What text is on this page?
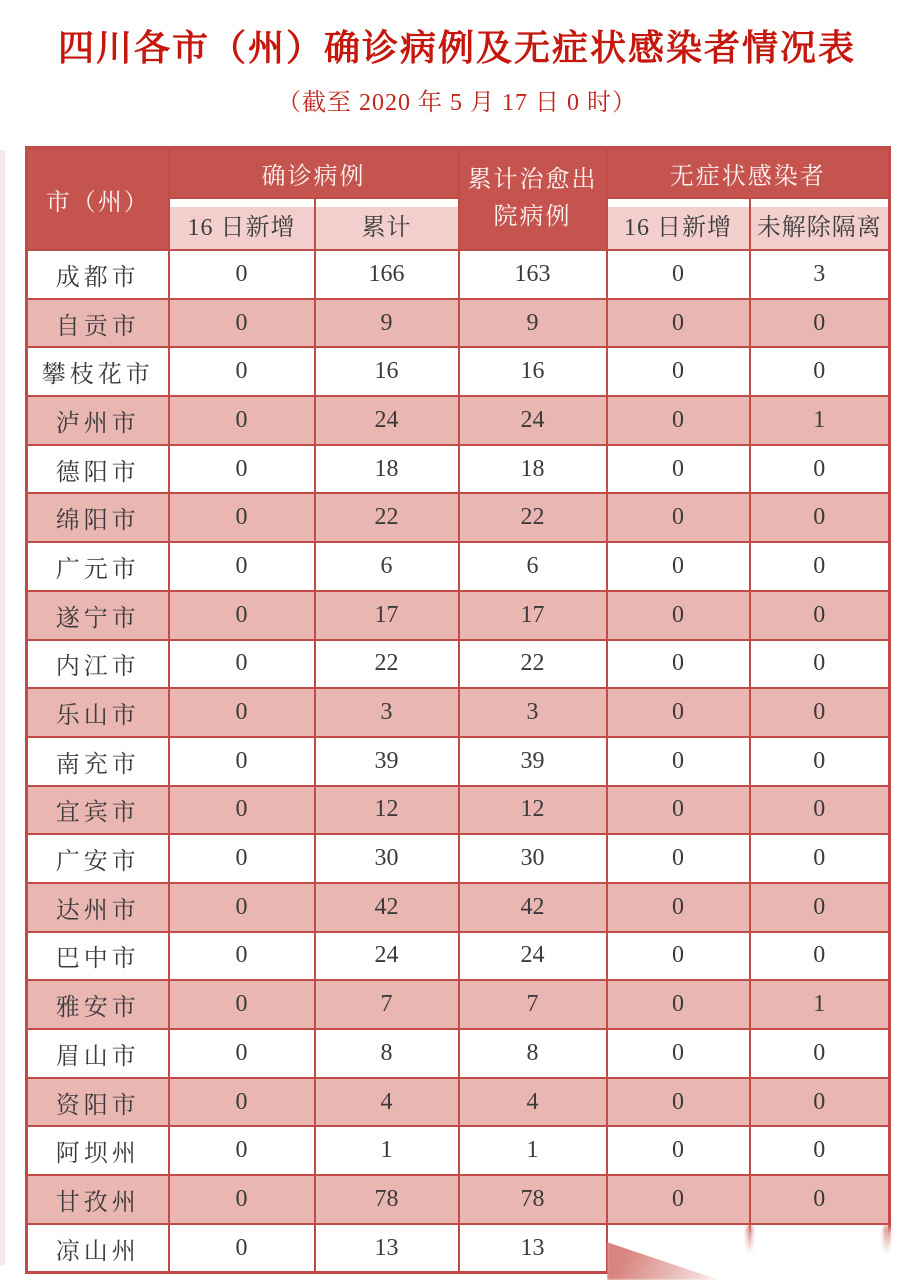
四川各市（州）确诊病例及无症状感染者情况表
（截至 2020 年 5 月 17 日 0 时）
市（州）	确诊病例		累计治愈出院病例	无症状感染者	
	16 日新增	累计		16 日新增	未解除隔离
成都市	0	166	163	0	3
自贡市	0	9	9	0	0
攀枝花市	0	16	16	0	0
泸州市	0	24	24	0	1
德阳市	0	18	18	0	0
绵阳市	0	22	22	0	0
广元市	0	6	6	0	0
遂宁市	0	17	17	0	0
内江市	0	22	22	0	0
乐山市	0	3	3	0	0
南充市	0	39	39	0	0
宜宾市	0	12	12	0	0
广安市	0	30	30	0	0
达州市	0	42	42	0	0
巴中市	0	24	24	0	0
雅安市	0	7	7	0	1
眉山市	0	8	8	0	0
资阳市	0	4	4	0	0
阿坝州	0	1	1	0	0
甘孜州	0	78	78	0	0
凉山州	0	13	13		
